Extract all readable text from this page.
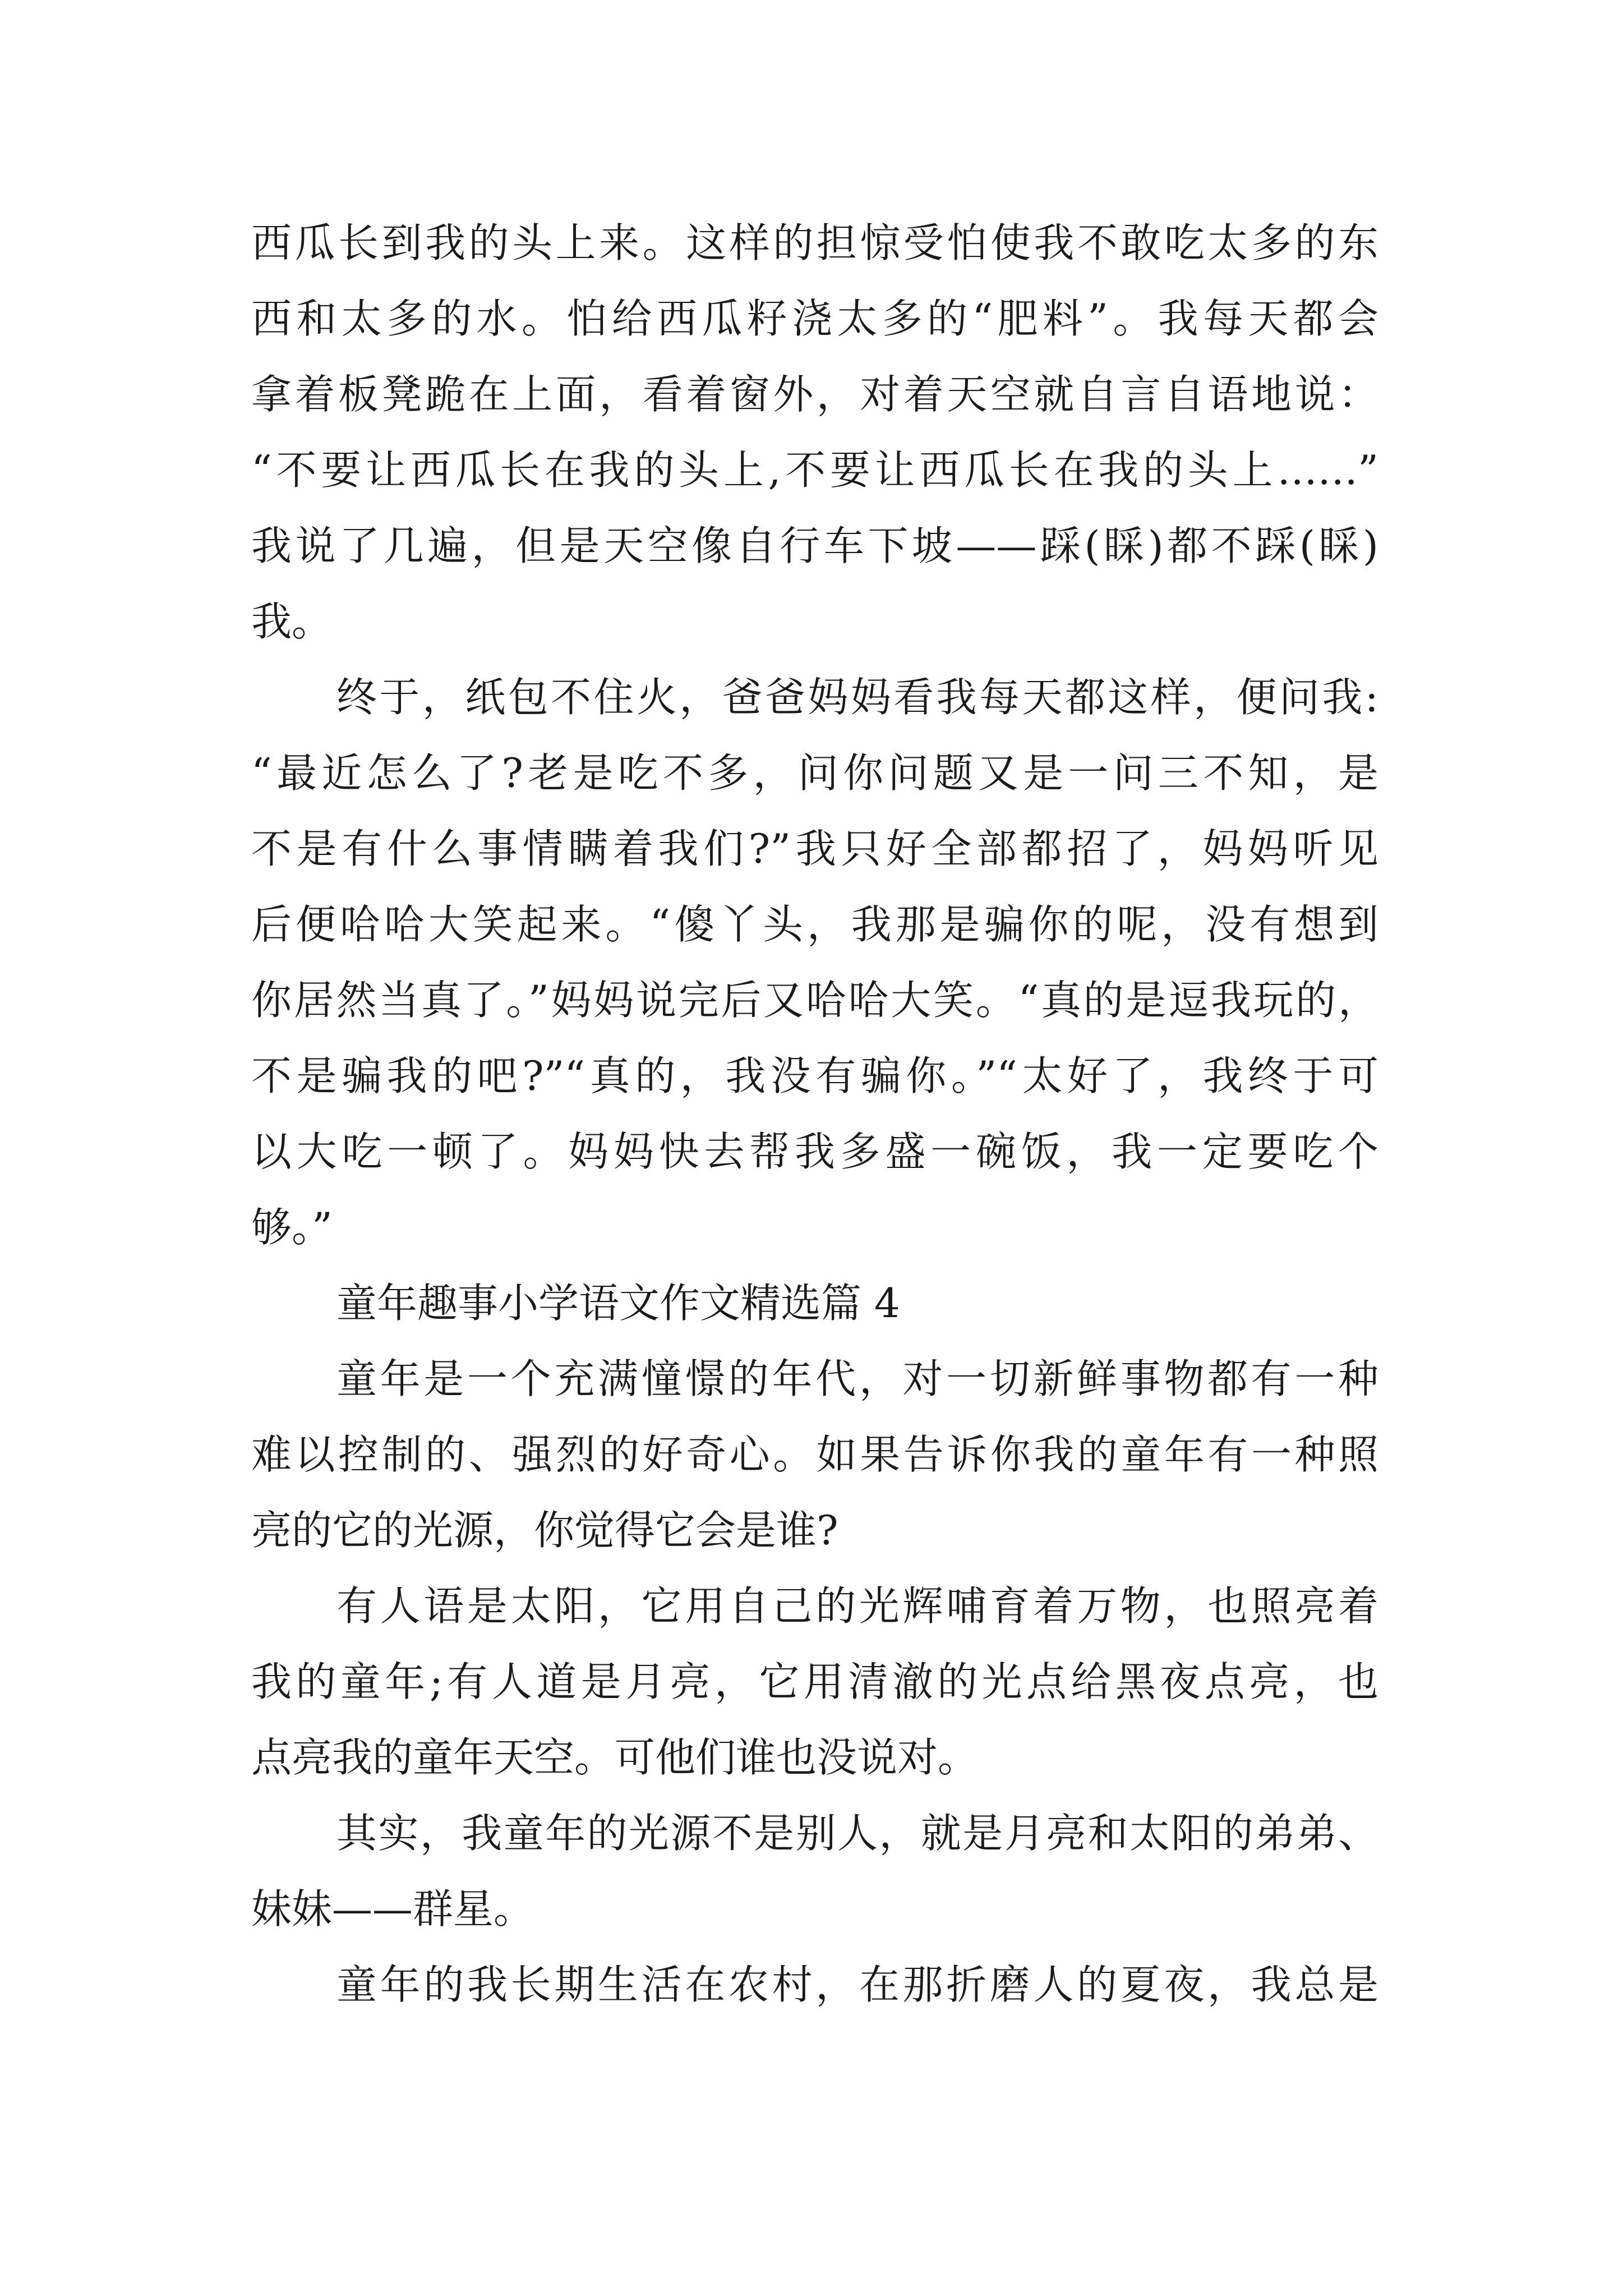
西瓜长到我的头上来。这样的担惊受怕使我不敢吃太多的东
西和太多的水。怕给西瓜籽浇太多的“肥料”。我每天都会
拿着板凳跪在上面，看着窗外，对着天空就自言自语地说：
“不要让西瓜长在我的头上,不要让西瓜长在我的头上……”
我说了几遍，但是天空像自行车下坡——踩(睬)都不踩(睬)
我。
终于，纸包不住火，爸爸妈妈看我每天都这样，便问我:
“最近怎么了?老是吃不多，问你问题又是一问三不知，是
不是有什么事情瞒着我们?”我只好全部都招了，妈妈听见
后便哈哈大笑起来。“傻丫头，我那是骗你的呢，没有想到
你居然当真了。”妈妈说完后又哈哈大笑。“真的是逗我玩的，
不是骗我的吧?”“真的，我没有骗你。”“太好了，我终于可
以大吃一顿了。妈妈快去帮我多盛一碗饭，我一定要吃个
够。”
童年趣事小学语文作文精选篇 4
童年是一个充满憧憬的年代，对一切新鲜事物都有一种
难以控制的、强烈的好奇心。如果告诉你我的童年有一种照
亮的它的光源，你觉得它会是谁?
有人语是太阳，它用自己的光辉哺育着万物，也照亮着
我的童年;有人道是月亮，它用清澈的光点给黑夜点亮，也
点亮我的童年天空。可他们谁也没说对。
其实，我童年的光源不是别人，就是月亮和太阳的弟弟、
妹妹——群星。
童年的我长期生活在农村，在那折磨人的夏夜，我总是
